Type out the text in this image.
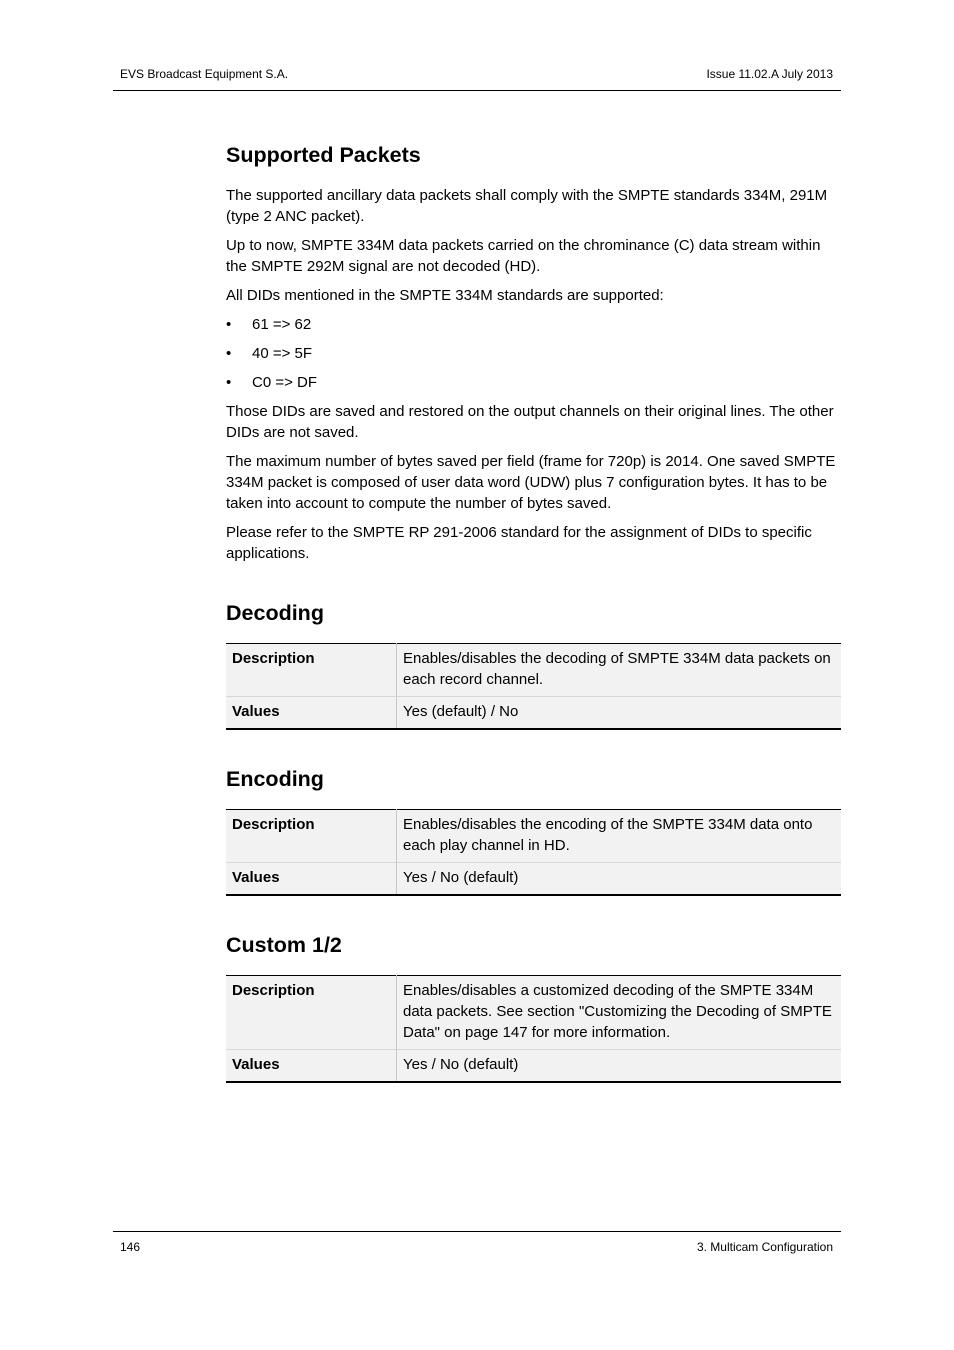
EVS Broadcast Equipment S.A.	Issue 11.02.A July 2013
Supported Packets

The supported ancillary data packets shall comply with the SMPTE standards 334M, 291M (type 2 ANC packet).

Up to now, SMPTE 334M data packets carried on the chrominance (C) data stream within the SMPTE 292M signal are not decoded (HD).

All DIDs mentioned in the SMPTE 334M standards are supported:

• 61 => 62
• 40 => 5F
• C0 => DF

Those DIDs are saved and restored on the output channels on their original lines. The other DIDs are not saved.

The maximum number of bytes saved per field (frame for 720p) is 2014. One saved SMPTE 334M packet is composed of user data word (UDW) plus 7 configuration bytes. It has to be taken into account to compute the number of bytes saved.

Please refer to the SMPTE RP 291-2006 standard for the assignment of DIDs to specific applications.

Decoding
Description	Enables/disables the decoding of SMPTE 334M data packets on each record channel.
Values	Yes (default) / No
Encoding
Description	Enables/disables the encoding of the SMPTE 334M data onto each play channel in HD.
Values	Yes / No (default)
Custom 1/2
Description	Enables/disables a customized decoding of the SMPTE 334M data packets. See section "Customizing the Decoding of SMPTE Data" on page 147 for more information.
Values	Yes / No (default)
146	3. Multicam Configuration
